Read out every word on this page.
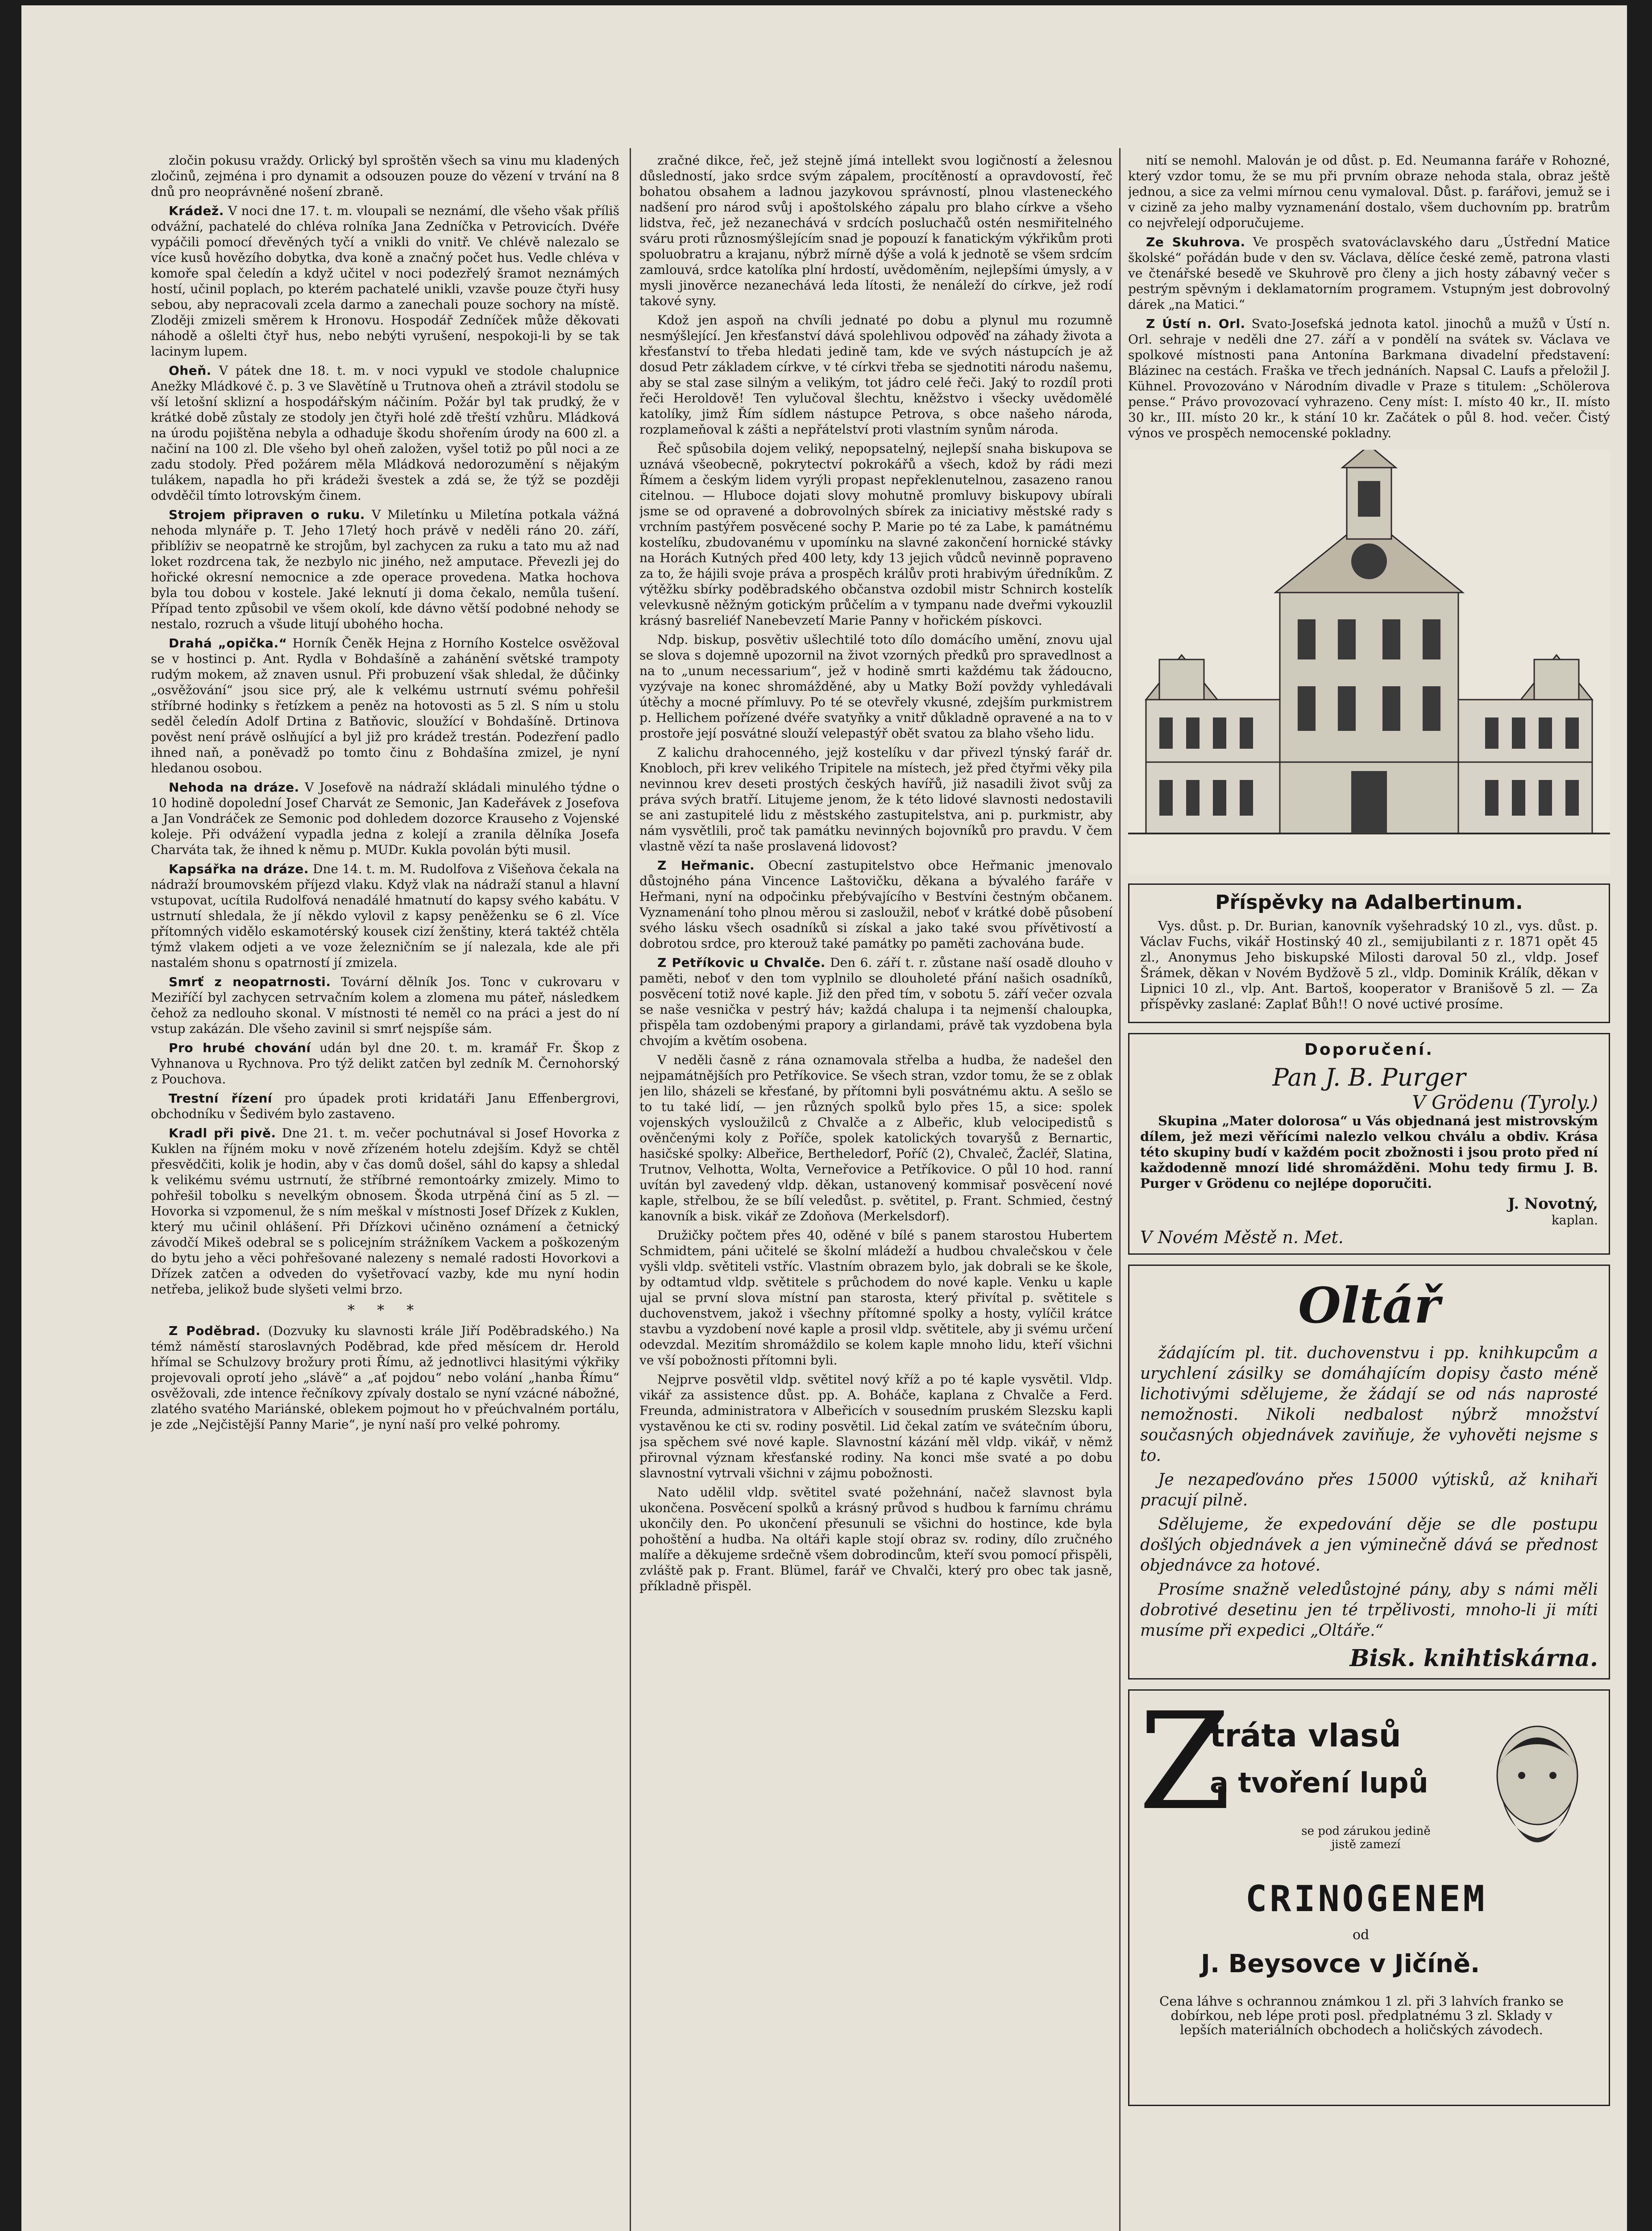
zločin pokusu vraždy. Orlický byl sproštěn všech sa vinu mu kladených zločinů, zejména i pro dynamit a odsouzen pouze do vězení v trvání na 8 dnů pro neoprávněné nošení zbraně.

Krádež. V noci dne 17. t. m. vloupali se neznámí, dle všeho však příliš odvážní, pachatelé do chléva rolníka Jana Zedníčka v Petrovicích. Dvéře vypáčili pomocí dřevěných tyčí a vnikli do vnitř. Ve chlévě nalezalo se více kusů hovězího dobytka, dva koně a značný počet hus. Vedle chléva v komoře spal čeledín a když učitel v noci podezřelý šramot neznámých hostí, učinil poplach, po kterém pachatelé unikli, vzavše pouze čtyři husy sebou, aby nepracovali zcela darmo a zanechali pouze sochory na místě. Zloději zmizeli směrem k Hronovu. Hospodář Zedníček může děkovati náhodě a ošlelti čtyř hus, nebo nebýti vyrušení, nespokoji-li by se tak lacinym lupem.

Oheň. V pátek dne 18. t. m. v noci vypukl ve stodole chalupnice Anežky Mládkové č. p. 3 ve Slavětíně u Trutnova oheň a ztrávil stodolu se vší letošní sklizní a hospodářským náčiním. Požár byl tak prudký, že v krátké době zůstaly ze stodoly jen čtyři holé zdě třeští vzhůru. Mládková na úrodu pojištěna nebyla a odhaduje škodu shořením úrody na 600 zl. a načiní na 100 zl. Dle všeho byl oheň založen, vyšel totiž po půl noci a ze zadu stodoly. Před požárem měla Mládková nedorozumění s nějakým tulákem, napadla ho při krádeži švestek a zdá se, že týž se později odvděčil tímto lotrovským činem.

Strojem připraven o ruku. V Miletínku u Miletína potkala vážná nehoda mlynáře p. T. Jeho 17letý hoch právě v neděli ráno 20. září, přiblíživ se neopatrně ke strojům, byl zachycen za ruku a tato mu až nad loket rozdrcena tak, že nezbylo nic jiného, než amputace. Převezli jej do hořické okresní nemocnice a zde operace provedena. Matka hochova byla tou dobou v kostele. Jaké leknutí ji doma čekalo, nemůla tušení. Případ tento způsobil ve všem okolí, kde dávno větší podobné nehody se nestalo, rozruch a všude litují ubohého hocha.

Drahá „opička.“ Horník Čeněk Hejna z Horního Kostelce osvěžoval se v hostinci p. Ant. Rydla v Bohdašíně a zahánění světské trampoty rudým mokem, až znaven usnul. Při probuzení však shledal, že důčinky „osvěžování“ jsou sice prý, ale k velkému ustrnutí svému pohřešil stříbrné hodinky s řetízkem a peněz na hotovosti as 5 zl. S ním u stolu seděl čeledín Adolf Drtina z Batňovic, sloužící v Bohdašíně. Drtinova pověst není právě oslňující a byl již pro krádež trestán. Podezření padlo ihned naň, a poněvadž po tomto činu z Bohdašína zmizel, je nyní hledanou osobou.

Nehoda na dráze. V Josefově na nádraží skládali minulého týdne o 10 hodině dopolední Josef Charvát ze Semonic, Jan Kadeřávek z Josefova a Jan Vondráček ze Semonic pod dohledem dozorce Krauseho z Vojenské koleje. Při odvážení vypadla jedna z kolejí a zranila dělníka Josefa Charváta tak, že ihned k němu p. MUDr. Kukla povolán býti musil.

Kapsářka na dráze. Dne 14. t. m. M. Rudolfova z Višeňova čekala na nádraží broumovském příjezd vlaku. Když vlak na nádraží stanul a hlavní vstupovat, ucítila Rudolfová nenadálé hmatnutí do kapsy svého kabátu. V ustrnutí shledala, že jí někdo vylovil z kapsy peněženku se 6 zl. Více přítomných vidělo eskamotérský kousek cizí ženštiny, která taktéž chtěla týmž vlakem odjeti a ve voze železničním se jí nalezala, kde ale při nastalém shonu s opatrností jí zmizela.

Smrť z neopatrnosti. Tovární dělník Jos. Tonc v cukrovaru v Meziříčí byl zachycen setrvačním kolem a zlomena mu páteř, následkem čehož za nedlouho skonal. V místnosti té neměl co na práci a jest do ní vstup zakázán. Dle všeho zavinil si smrť nejspíše sám.

Pro hrubé chování udán byl dne 20. t. m. kramář Fr. Škop z Vyhnanova u Rychnova. Pro týž delikt zatčen byl zedník M. Černohorský z Pouchova.

Trestní řízení pro úpadek proti kridatáři Janu Effenbergrovi, obchodníku v Šedivém bylo zastaveno.

Kradl při pivě. Dne 21. t. m. večer pochutnával si Josef Hovorka z Kuklen na říjném moku v nově zřízeném hotelu zdejším. Když se chtěl přesvědčiti, kolik je hodin, aby v čas domů došel, sáhl do kapsy a shledal k velikému svému ustrnutí, že stříbrné remontoárky zmizely. Mimo to pohřešil tobolku s nevelkým obnosem. Škoda utrpěná činí as 5 zl. — Hovorka si vzpomenul, že s ním meškal v místnosti Josef Dřízek z Kuklen, který mu učinil ohlášení. Při Dřízkovi učiněno oznámení a četnický závodčí Mikeš odebral se s policejním strážníkem Vackem a poškozeným do bytu jeho a věci pohřešované nalezeny s nemalé radosti Hovorkovi a Dřízek zatčen a odveden do vyšetřovací vazby, kde mu nyní hodin netřeba, jelikož bude slyšeti velmi brzo.

* * *

Z Poděbrad. (Dozvuky ku slavnosti krále Jiří Poděbradského.) Na témž náměstí staroslavných Poděbrad, kde před měsícem dr. Herold hřímal se Schulzovy brožury proti Římu, až jednotlivci hlasitými výkřiky projevovali oprotí jeho „slávě“ a „ať pojdou“ nebo volání „hanba Římu“ osvěžovali, zde intence řečníkovy zpívaly dostalo se nyní vzácné nábožné, zlatého svatého Mariánské, oblekem pojmout ho v přeúchvalném portálu, je zde „Nejčistější Panny Marie“, je nyní naší pro velké pohromy.

zračné dikce, řeč, jež stejně jímá intellekt svou logičností a želesnou důsledností, jako srdce svým zápalem, procítěností a opravdovostí, řeč bohatou obsahem a ladnou jazykovou správností, plnou vlasteneckého nadšení pro národ svůj i apoštolského zápalu pro blaho církve a všeho lidstva, řeč, jež nezanechává v srdcích posluchačů ostén nesmiřitelného sváru proti různosmýšlejícím snad je popouzí k fanatickým výkřikům proti spoluobratru a krajanu, nýbrž mírně dýše a volá k jednotě se všem srdcím zamlouvá, srdce katolíka plní hrdostí, uvědoměním, nejlepšími úmysly, a v mysli jinověrce nezanechává leda lítosti, že nenáleží do církve, jež rodí takové syny.

Kdož jen aspoň na chvíli jednaté po dobu a plynul mu rozumně nesmýšlející. Jen křesťanství dává spolehlivou odpověď na záhady života a křesťanství to třeba hledati jedině tam, kde ve svých nástupcích je až dosud Petr základem církve, v té církvi třeba se sjednotiti národu našemu, aby se stal zase silným a velikým, tot jádro celé řeči. Jaký to rozdíl proti řeči Heroldově! Ten vylučoval šlechtu, kněžstvo i všecky uvědomělé katolíky, jimž Řím sídlem nástupce Petrova, s obce našeho národa, rozplameňoval k zášti a nepřátelství proti vlastním synům národa.

Řeč spůsobila dojem veliký, nepopsatelný, nejlepší snaha biskupova se uznává všeobecně, pokrytectví pokrokářů a všech, kdož by rádi mezi Římem a českým lidem vyrýli propast nepřeklenutelnou, zasazeno ranou citelnou. — Hluboce dojati slovy mohutně promluvy biskupovy ubírali jsme se od opravené a dobrovolných sbírek za iniciativy městské rady s vrchním pastýřem posvěcené sochy P. Marie po té za Labe, k památnému kostelíku, zbudovanému v upomínku na slavné zakončení hornické stávky na Horách Kutných před 400 lety, kdy 13 jejich vůdců nevinně popraveno za to, že hájili svoje práva a prospěch králův proti hrabivým úředníkům. Z výtěžku sbírky poděbradského občanstva ozdobil mistr Schnirch kostelík velevkusně něžným gotickým průčelím a v tympanu nade dveřmi vykouzlil krásný basreliéf Nanebevzetí Marie Panny v hořickém pískovci.

Ndp. biskup, posvětiv ušlechtilé toto dílo domácího umění, znovu ujal se slova s dojemně upozornil na život vzorných předků pro spravedlnost a na to „unum necessarium“, jež v hodině smrti každému tak žádoucno, vyzývaje na konec shromážděné, aby u Matky Boží povždy vyhledávali útěchy a mocné přímluvy. Po té se otevřely vkusné, zdejším purkmistrem p. Hellichem pořízené dvéře svatyňky a vnitř důkladně opravené a na to v prostoře její posvátné slouží velepastýř obět svatou za blaho všeho lidu.

Z kalichu drahocenného, jejž kostelíku v dar přivezl týnský farář dr. Knobloch, při krev velikého Tripitele na místech, jež před čtyřmi věky pila nevinnou krev deseti prostých českých havířů, již nasadili život svůj za práva svých bratří. Litujeme jenom, že k této lidové slavnosti nedostavili se ani zastupitelé lidu z městského zastupitelstva, ani p. purkmistr, aby nám vysvětlili, proč tak památku nevinných bojovníků pro pravdu. V čem vlastně vězí ta naše proslavená lidovost?

Z Heřmanic. Obecní zastupitelstvo obce Heřmanic jmenovalo důstojného pána Vincence Laštovičku, děkana a bývalého faráře v Heřmani, nyní na odpočinku přebývajícího v Bestvíni čestným občanem. Vyznamenání toho plnou měrou si zasloužil, neboť v krátké době působení svého lásku všech osadníků si získal a jako také svou přívětivostí a dobrotou srdce, pro kterouž také památky po paměti zachována bude.

Z Petříkovic u Chvalče. Den 6. září t. r. zůstane naší osadě dlouho v paměti, neboť v den tom vyplnilo se dlouholeté přání našich osadníků, posvěcení totiž nové kaple. Již den před tím, v sobotu 5. září večer ozvala se naše vesnička v pestrý háv; každá chalupa i ta nejmenší chaloupka, přispěla tam ozdobenými prapory a girlandami, právě tak vyzdobena byla chvojím a květím osobena.

V neděli časně z rána oznamovala střelba a hudba, že nadešel den nejpamátnějších pro Petříkovice. Se všech stran, vzdor tomu, že se z oblak jen lilo, sházeli se křesťané, by přítomni byli posvátnému aktu. A sešlo se to tu také lidí, — jen různých spolků bylo přes 15, a sice: spolek vojenských vysloužilců z Chvalče a z Albeřic, klub velocipedistů s ověnčenými koly z Poříče, spolek katolických tovaryšů z Bernartic, hasičské spolky: Albeřice, Bertheledorf, Poříč (2), Chvaleč, Žacléř, Slatina, Trutnov, Velhotta, Wolta, Verneřovice a Petříkovice. O půl 10 hod. ranní uvítán byl zavedený vldp. děkan, ustanovený kommisař posvěcení nové kaple, střelbou, že se bílí veledůst. p. světitel, p. Frant. Schmied, čestný kanovník a bisk. vikář ze Zdoňova (Merkelsdorf).

Družičky počtem přes 40, oděné v bílé s panem starostou Hubertem Schmidtem, páni učitelé se školní mládeží a hudbou chvalečskou v čele vyšli vldp. světiteli vstříc. Vlastním obrazem bylo, jak dobrali se ke škole, by odtamtud vldp. světitele s průchodem do nové kaple. Venku u kaple ujal se první slova místní pan starosta, který přivítal p. světitele s duchovenstvem, jakož i všechny přítomné spolky a hosty, vylíčil krátce stavbu a vyzdobení nové kaple a prosil vldp. světitele, aby ji svému určení odevzdal. Mezitím shromáždilo se kolem kaple mnoho lidu, kteří všichni ve vší pobožnosti přítomni byli.

Nejprve posvětil vldp. světitel nový kříž a po té kaple vysvětil. Vldp. vikář za assistence důst. pp. A. Boháče, kaplana z Chvalče a Ferd. Freunda, administratora v Albeřicích v sousedním pruském Slezsku kapli vystavěnou ke cti sv. rodiny posvětil. Lid čekal zatím ve svátečním úboru, jsa spěchem své nové kaple. Slavnostní kázání měl vldp. vikář, v němž přirovnal význam křesťanské rodiny. Na konci mše svaté a po dobu slavnostní vytrvali všichni v zájmu pobožnosti.

Nato udělil vldp. světitel svaté požehnání, načež slavnost byla ukončena. Posvěcení spolků a krásný průvod s hudbou k farnímu chrámu ukončily den. Po ukončení přesunuli se všichni do hostince, kde byla pohoštění a hudba. Na oltáři kaple stojí obraz sv. rodiny, dílo zručného malíře a děkujeme srdečně všem dobrodincům, kteří svou pomocí přispěli, zvláště pak p. Frant. Blümel, farář ve Chvalči, který pro obec tak jasně, příkladně přispěl.

nití se nemohl. Malován je od důst. p. Ed. Neumanna faráře v Rohozné, který vzdor tomu, že se mu při prvním obraze nehoda stala, obraz ještě jednou, a sice za velmi mírnou cenu vymaloval. Důst. p. farářovi, jemuž se i v cizině za jeho malby vyznamenání dostalo, všem duchovním pp. bratrům co nejvřelejí odporučujeme.

Ze Skuhrova. Ve prospěch svatováclavského daru „Ústřední Matice školské“ pořádán bude v den sv. Václava, dělíce české země, patrona vlasti ve čtenářské besedě ve Skuhrově pro členy a jich hosty zábavný večer s pestrým spěvným i deklamatorním programem. Vstupným jest dobrovolný dárek „na Matici.“

Z Ústí n. Orl. Svato-Josefská jednota katol. jinochů a mužů v Ústí n. Orl. sehraje v neděli dne 27. září a v pondělí na svátek sv. Václava ve spolkové místnosti pana Antonína Barkmana divadelní představení: Blázinec na cestách. Fraška ve třech jednáních. Napsal C. Laufs a přeložil J. Kühnel. Provozováno v Národním divadle v Praze s titulem: „Schölerova pense.“ Právo provozovací vyhrazeno. Ceny míst: I. místo 40 kr., II. místo 30 kr., III. místo 20 kr., k stání 10 kr. Začátek o půl 8. hod. večer. Čistý výnos ve prospěch nemocenské pokladny.

Příspěvky na Adalbertinum.

Vys. důst. p. Dr. Burian, kanovník vyšehradský 10 zl., vys. důst. p. Václav Fuchs, vikář Hostinský 40 zl., semijubilanti z r. 1871 opět 45 zl., Anonymus Jeho biskupské Milosti daroval 50 zl., vldp. Josef Šrámek, děkan v Novém Bydžově 5 zl., vldp. Dominik Králík, děkan v Lipnici 10 zl., vlp. Ant. Bartoš, kooperator v Branišově 5 zl. — Za příspěvky zaslané: Zaplať Bůh!! O nové uctivé prosíme.

Doporučení.
Pan J. B. Purger
V Grödenu (Tyroly.)

Skupina „Mater dolorosa“ u Vás objednaná jest mistrovským dílem, jež mezi věřícími nalezlo velkou chválu a obdiv. Krása této skupiny budí v každém pocit zbožnosti i jsou proto před ní každodenně mnozí lidé shromážděni. Mohu tedy firmu J. B. Purger v Grödenu co nejlépe doporučiti.

J. Novotný,
kaplan.
V Novém Městě n. Met.
Oltář

žádajícím pl. tit. duchovenstvu i pp. knihkupcům a urychlení zásilky se domáhajícím dopisy často méně lichotivými sdělujeme, že žádají se od nás naprosté nemožnosti. Nikoli nedbalost nýbrž množství současných objednávek zaviňuje, že vyhověti nejsme s to.

Je nezapeďováno přes 15000 výtisků, až knihaři pracují pilně.

Sdělujeme, že expedování děje se dle postupu došlých objednávek a jen výminečně dává se přednost objednávce za hotové.

Prosíme snažně veledůstojné pány, aby s námi měli dobrotivé desetinu jen té trpělivosti, mnoho-li ji míti musíme při expedici „Oltáře.“

Bisk. knihtiskárna.
Z
tráta vlasů
a tvoření lupů
se pod zárukou jedině jistě zamezí
CRINOGENEM
od
J. Beysovce v Jičíně.

Cena láhve s ochrannou známkou 1 zl. při 3 lahvích franko se dobírkou, neb lépe proti posl. předplatnému 3 zl. Sklady v lepších materiálních obchodech a holičských závodech.
